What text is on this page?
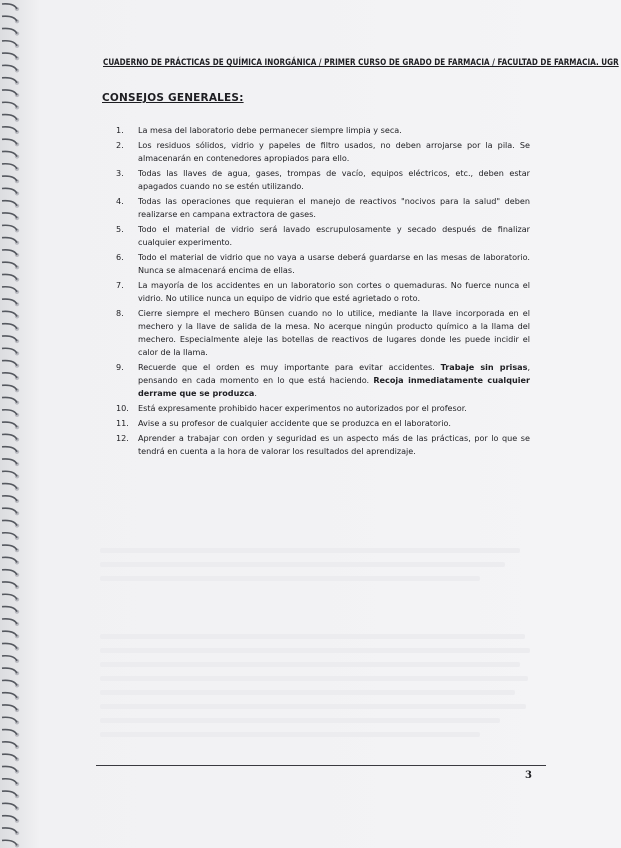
CUADERNO DE PRÁCTICAS DE QUÍMICA INORGÁNICA / PRIMER CURSO DE GRADO DE FARMACIA / FACULTAD DE FARMACIA. UGR
CONSEJOS GENERALES:
1.	La mesa del laboratorio debe permanecer siempre limpia y seca.
2.	Los residuos sólidos, vidrio y papeles de filtro usados, no deben arrojarse por la pila. Se almacenarán en contenedores apropiados para ello.
3.	Todas las llaves de agua, gases, trompas de vacío, equipos eléctricos, etc., deben estar apagados cuando no se estén utilizando.
4.	Todas las operaciones que requieran el manejo de reactivos "nocivos para la salud" deben realizarse en campana extractora de gases.
5.	Todo el material de vidrio será lavado escrupulosamente y secado después de finalizar cualquier experimento.
6.	Todo el material de vidrio que no vaya a usarse deberá guardarse en las mesas de laboratorio. Nunca se almacenará encima de ellas.
7.	La mayoría de los accidentes en un laboratorio son cortes o quemaduras. No fuerce nunca el vidrio. No utilice nunca un equipo de vidrio que esté agrietado o roto.
8.	Cierre siempre el mechero Bünsen cuando no lo utilice, mediante la llave incorporada en el mechero y la llave de salida de la mesa. No acerque ningún producto químico a la llama del mechero. Especialmente aleje las botellas de reactivos de lugares donde les puede incidir el calor de la llama.
9.	Recuerde que el orden es muy importante para evitar accidentes. Trabaje sin prisas, pensando en cada momento en lo que está haciendo. Recoja inmediatamente cualquier derrame que se produzca.
10.	Está expresamente prohibido hacer experimentos no autorizados por el profesor.
11.	Avise a su profesor de cualquier accidente que se produzca en el laboratorio.
12.	Aprender a trabajar con orden y seguridad es un aspecto más de las prácticas, por lo que se tendrá en cuenta a la hora de valorar los resultados del aprendizaje.
3
